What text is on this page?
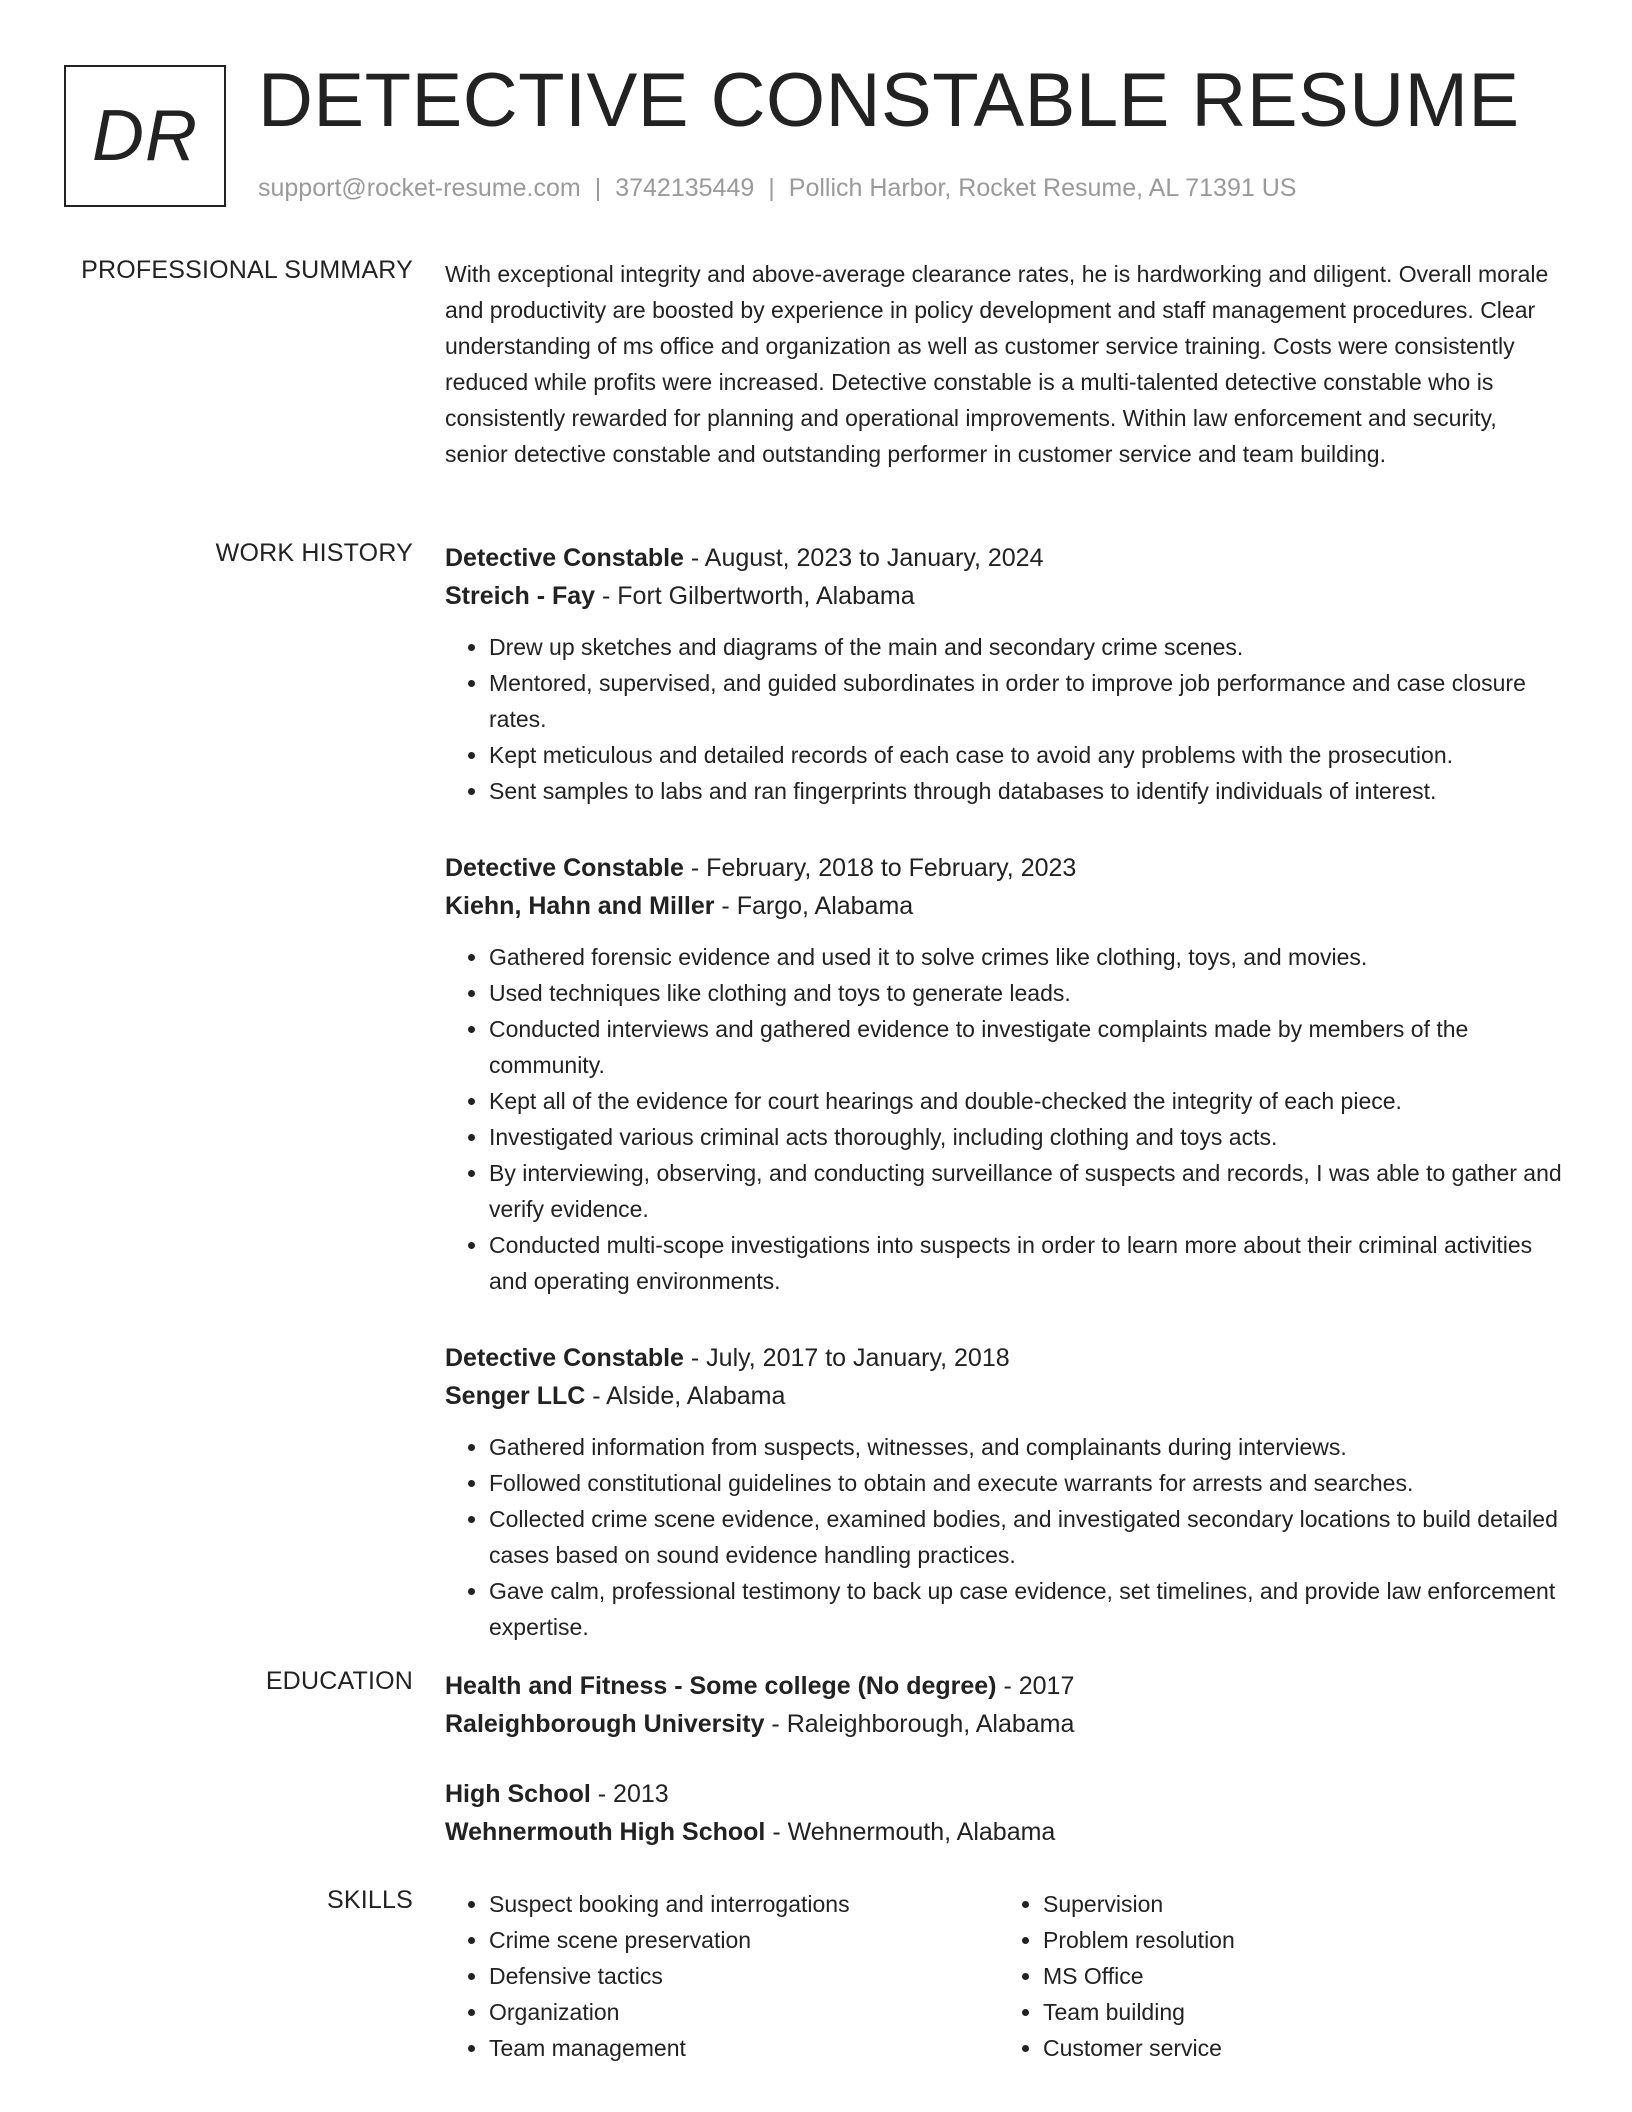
DR DETECTIVE CONSTABLE RESUME
support@rocket-resume.com | 3742135449 | Pollich Harbor, Rocket Resume, AL 71391 US
PROFESSIONAL SUMMARY With exceptional integrity and above-average clearance rates, he is hardworking and diligent. Overall morale and productivity are boosted by experience in policy development and staff management procedures. Clear understanding of ms office and organization as well as customer service training. Costs were consistently reduced while profits were increased. Detective constable is a multi-talented detective constable who is consistently rewarded for planning and operational improvements. Within law enforcement and security, senior detective constable and outstanding performer in customer service and team building.

WORK HISTORY Detective Constable - August, 2023 to January, 2024
Streich - Fay - Fort Gilbertworth, Alabama
• Drew up sketches and diagrams of the main and secondary crime scenes.
• Mentored, supervised, and guided subordinates in order to improve job performance and case closure rates.
• Kept meticulous and detailed records of each case to avoid any problems with the prosecution.
• Sent samples to labs and ran fingerprints through databases to identify individuals of interest.
Detective Constable - February, 2018 to February, 2023
Kiehn, Hahn and Miller - Fargo, Alabama
• Gathered forensic evidence and used it to solve crimes like clothing, toys, and movies.
• Used techniques like clothing and toys to generate leads.
• Conducted interviews and gathered evidence to investigate complaints made by members of the community.
• Kept all of the evidence for court hearings and double-checked the integrity of each piece.
• Investigated various criminal acts thoroughly, including clothing and toys acts.
• By interviewing, observing, and conducting surveillance of suspects and records, I was able to gather and verify evidence.
• Conducted multi-scope investigations into suspects in order to learn more about their criminal activities and operating environments.
Detective Constable - July, 2017 to January, 2018
Senger LLC - Alside, Alabama
• Gathered information from suspects, witnesses, and complainants during interviews.
• Followed constitutional guidelines to obtain and execute warrants for arrests and searches.
• Collected crime scene evidence, examined bodies, and investigated secondary locations to build detailed cases based on sound evidence handling practices.
• Gave calm, professional testimony to back up case evidence, set timelines, and provide law enforcement expertise.
EDUCATION Health and Fitness - Some college (No degree) - 2017
Raleighborough University - Raleighborough, Alabama
High School - 2013
Wehnermouth High School - Wehnermouth, Alabama
SKILLS
•	Suspect booking and interrogations
• Crime scene preservation
• Defensive tactics
• Organization
• Team management
• Supervision
• Problem resolution
• MS Office
• Team building
• Customer service
